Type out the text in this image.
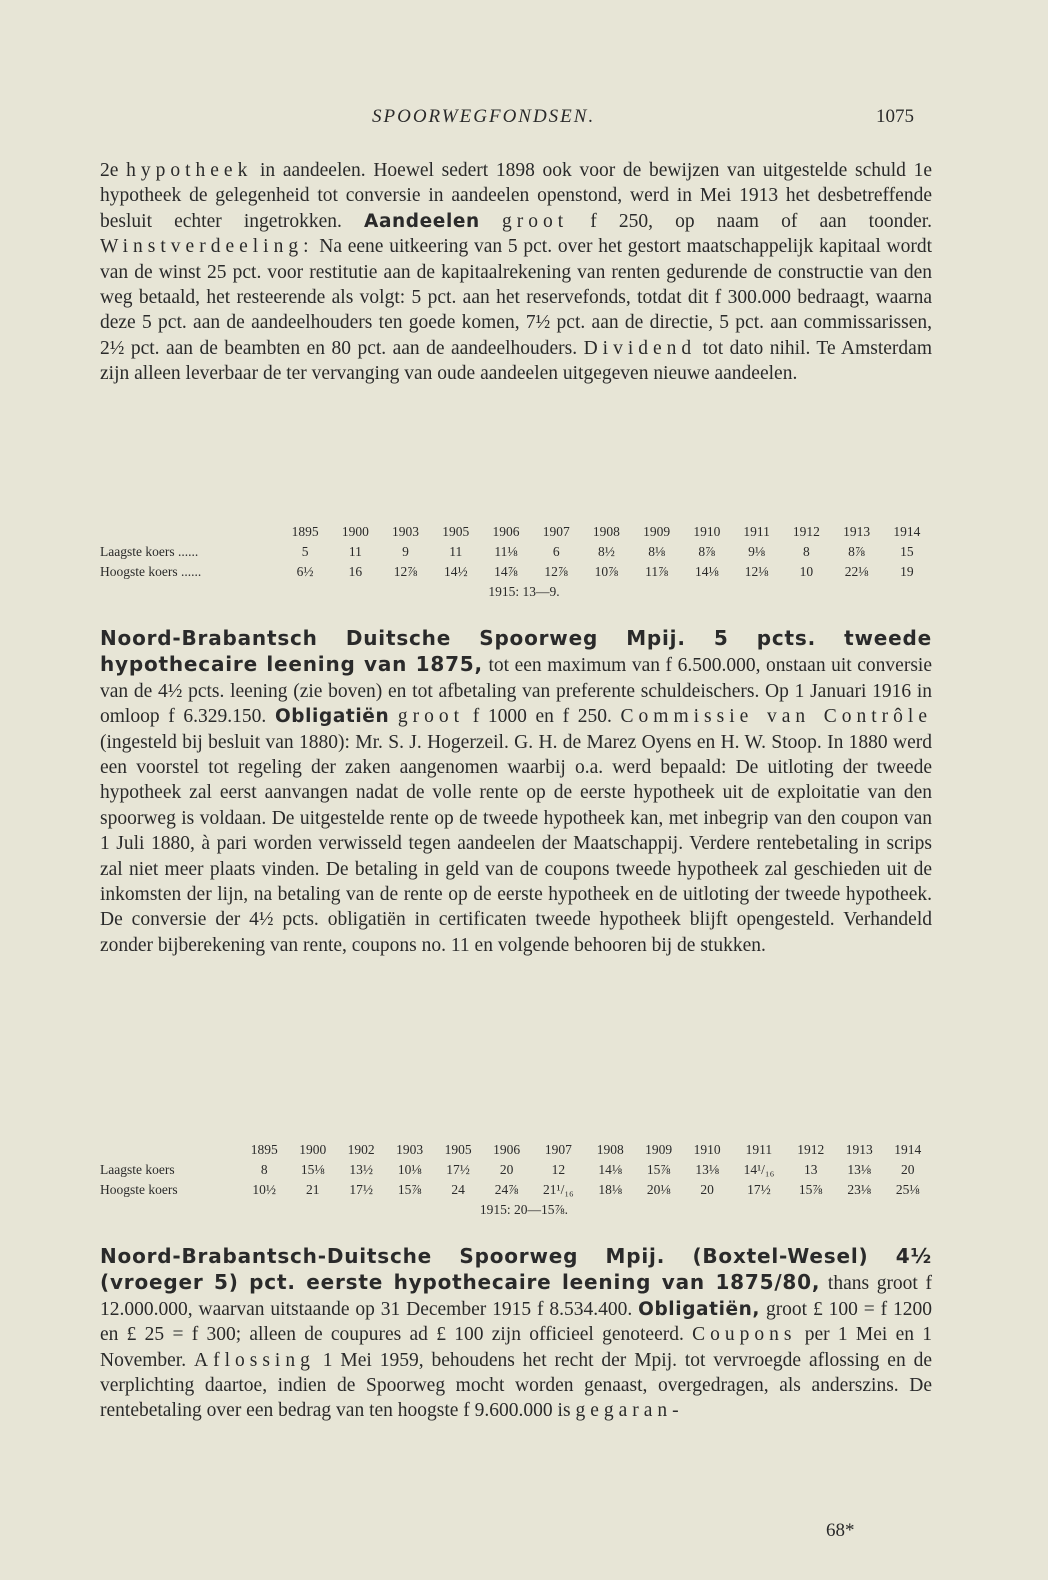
SPOORWEGFONDSEN.	1075

2e hypotheek in aandeelen. Hoewel sedert 1898 ook voor de bewijzen van uitgestelde schuld 1e hypotheek de gelegenheid tot conversie in aandeelen openstond, werd in Mei 1913 het desbetreffende besluit echter ingetrokken. Aandeelen groot f 250, op naam of aan toonder. Winstverdeeling: Na eene uitkeering van 5 pct. over het gestort maatschappelijk kapitaal wordt van de winst 25 pct. voor restitutie aan de kapitaalrekening van renten gedurende de constructie van den weg betaald, het resteerende als volgt: 5 pct. aan het reservefonds, totdat dit f 300.000 bedraagt, waarna deze 5 pct. aan de aandeelhouders ten goede komen, 7½ pct. aan de directie, 5 pct. aan commissarissen, 2½ pct. aan de beambten en 80 pct. aan de aandeelhouders. Dividend tot dato nihil. Te Amsterdam zijn alleen leverbaar de ter vervanging van oude aandeelen uitgegeven nieuwe aandeelen.

	1895	1900	1903	1905	1906	1907	1908	1909	1910	1911	1912	1913	1914
Laagste koers ......	5	11	9	11	11⅛	6	8½	8⅛	8⅞	9⅛	8	8⅞	15
Hoogste koers ......	6½	16	12⅞	14½	14⅞	12⅞	10⅞	11⅞	14⅛	12⅛	10	22⅛	19
1915: 13—9.

Noord-Brabantsch Duitsche Spoorweg Mpij. 5 pcts. tweede hypothecaire leening van 1875, tot een maximum van f 6.500.000, onstaan uit conversie van de 4½ pcts. leening (zie boven) en tot afbetaling van preferente schuldeischers. Op 1 Januari 1916 in omloop f 6.329.150. Obligatiën groot f 1000 en f 250. Commissie van Contrôle (ingesteld bij besluit van 1880): Mr. S. J. Hogerzeil. G. H. de Marez Oyens en H. W. Stoop. In 1880 werd een voorstel tot regeling der zaken aangenomen waarbij o.a. werd bepaald: De uitloting der tweede hypotheek zal eerst aanvangen nadat de volle rente op de eerste hypotheek uit de exploitatie van den spoorweg is voldaan. De uitgestelde rente op de tweede hypotheek kan, met inbegrip van den coupon van 1 Juli 1880, à pari worden verwisseld tegen aandeelen der Maatschappij. Verdere rentebetaling in scrips zal niet meer plaats vinden. De betaling in geld van de coupons tweede hypotheek zal geschieden uit de inkomsten der lijn, na betaling van de rente op de eerste hypotheek en de uitloting der tweede hypotheek. De conversie der 4½ pcts. obligatiën in certificaten tweede hypotheek blijft opengesteld. Verhandeld zonder bijberekening van rente, coupons no. 11 en volgende behooren bij de stukken.

	1895	1900	1902	1903	1905	1906	1907	1908	1909	1910	1911	1912	1913	1914
Laagste koers	8	15⅛	13½	10⅛	17½	20	12	14⅛	15⅞	13⅛	14¹/₁₆	13	13⅛	20
Hoogste koers	10½	21	17½	15⅞	24	24⅞	21¹/₁₆	18⅛	20⅛	20	17½	15⅞	23⅛	25⅛
1915: 20—15⅞.

Noord-Brabantsch-Duitsche Spoorweg Mpij. (Boxtel-Wesel) 4½ (vroeger 5) pct. eerste hypothecaire leening van 1875/80, thans groot f 12.000.000, waarvan uitstaande op 31 December 1915 f 8.534.400. Obligatiën, groot £ 100 = f 1200 en £ 25 = f 300; alleen de coupures ad £ 100 zijn officieel genoteerd. Coupons per 1 Mei en 1 November. Aflossing 1 Mei 1959, behoudens het recht der Mpij. tot vervroegde aflossing en de verplichting daartoe, indien de Spoorweg mocht worden genaast, overgedragen, als anderszins. De rentebetaling over een bedrag van ten hoogste f 9.600.000 is gegaran-

68*
